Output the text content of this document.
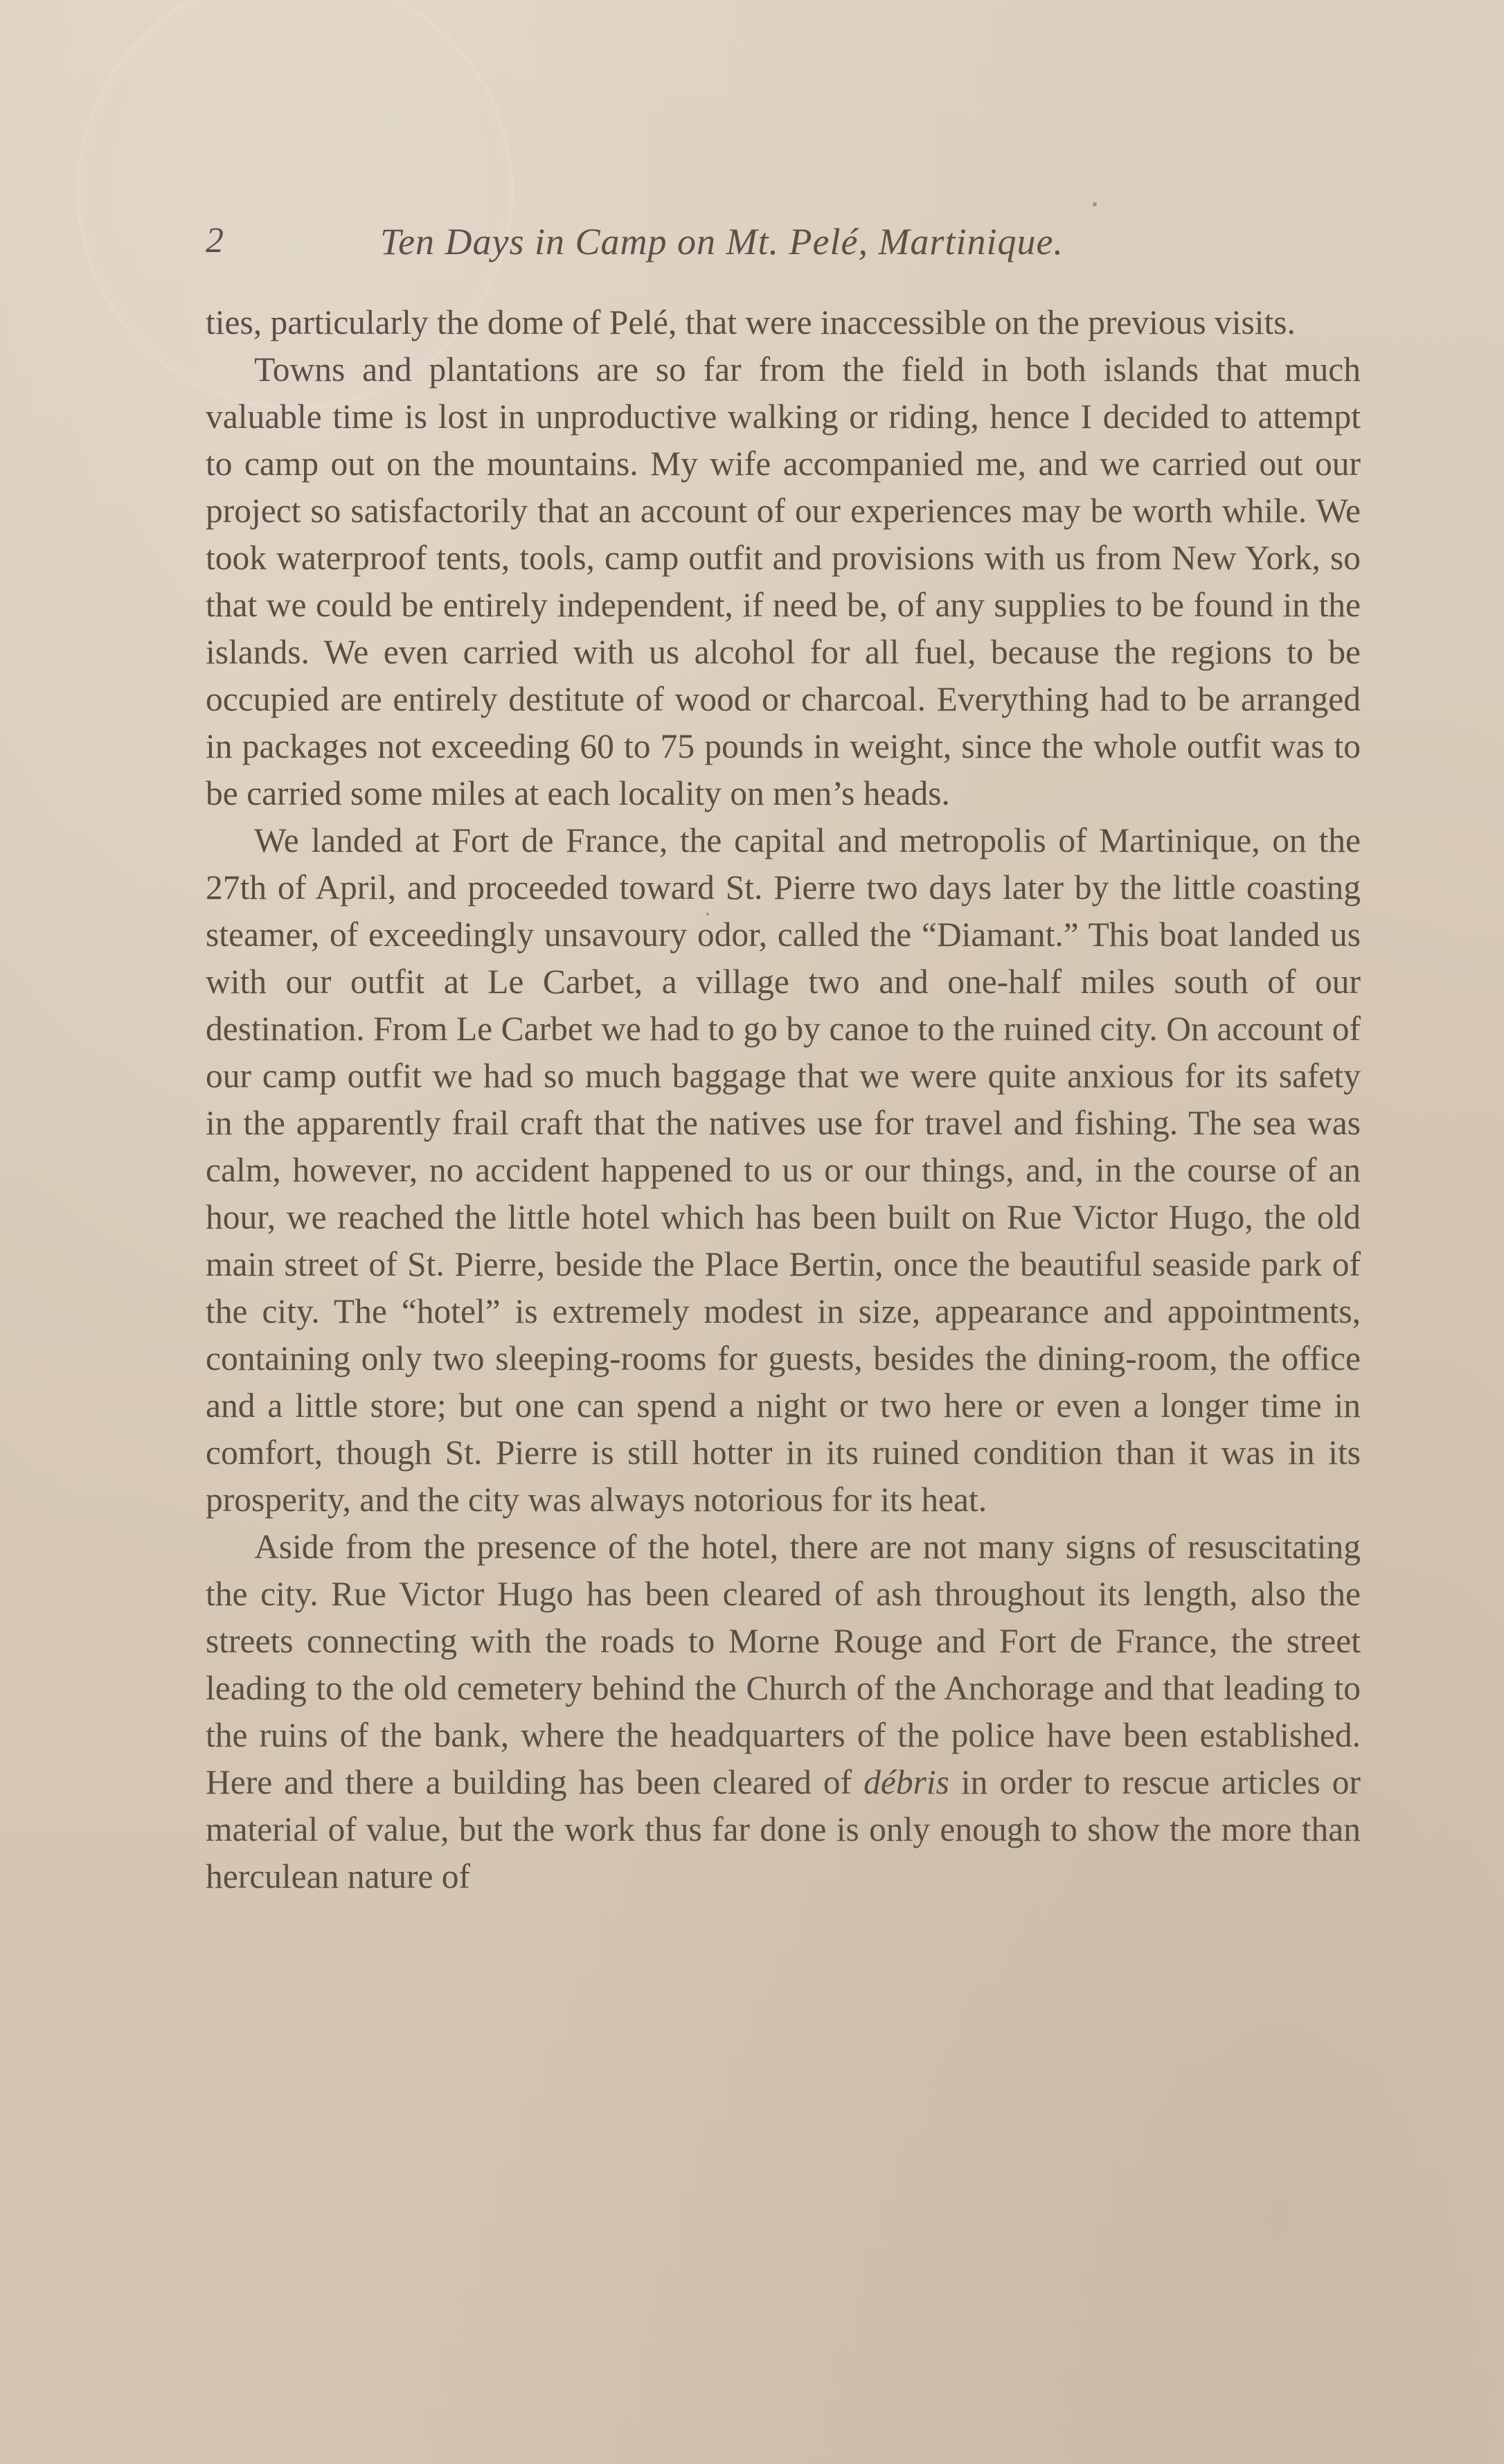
2	Ten Days in Camp on Mt. Pelé, Martinique.

ties, particularly the dome of Pelé, that were inaccessible on the previous visits.

Towns and plantations are so far from the field in both islands that much valuable time is lost in unproductive walking or riding, hence I decided to attempt to camp out on the mountains. My wife accompanied me, and we carried out our project so satisfactorily that an account of our experiences may be worth while. We took waterproof tents, tools, camp outfit and provisions with us from New York, so that we could be entirely independent, if need be, of any supplies to be found in the islands. We even carried with us alcohol for all fuel, because the regions to be occupied are entirely destitute of wood or charcoal. Everything had to be arranged in packages not exceeding 60 to 75 pounds in weight, since the whole outfit was to be carried some miles at each locality on men’s heads.

We landed at Fort de France, the capital and metropolis of Martinique, on the 27th of April, and proceeded toward St. Pierre two days later by the little coasting steamer, of exceedingly unsavoury odor, called the “Diamant.” This boat landed us with our outfit at Le Carbet, a village two and one-half miles south of our destination. From Le Carbet we had to go by canoe to the ruined city. On account of our camp outfit we had so much baggage that we were quite anxious for its safety in the apparently frail craft that the natives use for travel and fishing. The sea was calm, however, no accident happened to us or our things, and, in the course of an hour, we reached the little hotel which has been built on Rue Victor Hugo, the old main street of St. Pierre, beside the Place Bertin, once the beautiful seaside park of the city. The “hotel” is extremely modest in size, appearance and appointments, containing only two sleeping-rooms for guests, besides the dining-room, the office and a little store; but one can spend a night or two here or even a longer time in comfort, though St. Pierre is still hotter in its ruined condition than it was in its prosperity, and the city was always notorious for its heat.

Aside from the presence of the hotel, there are not many signs of resuscitating the city. Rue Victor Hugo has been cleared of ash throughout its length, also the streets connecting with the roads to Morne Rouge and Fort de France, the street leading to the old cemetery behind the Church of the Anchorage and that leading to the ruins of the bank, where the headquarters of the police have been established. Here and there a building has been cleared of débris in order to rescue articles or material of value, but the work thus far done is only enough to show the more than herculean nature of
